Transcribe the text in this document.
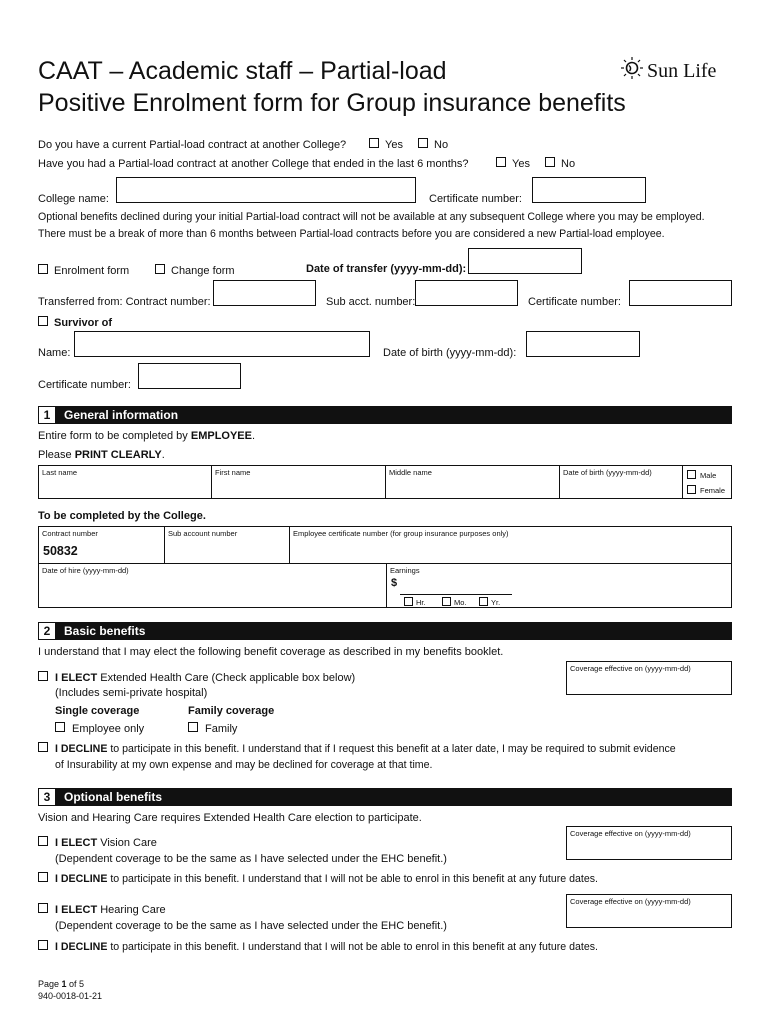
CAAT – Academic staff – Partial-load
Positive Enrolment form for Group insurance benefits
Sun Life
Do you have a current Partial-load contract at another College?	Yes	No
Have you had a Partial-load contract at another College that ended in the last 6 months?	Yes	No
College name:	Certificate number:
Optional benefits declined during your initial Partial-load contract will not be available at any subsequent College where you may be employed.
There must be a break of more than 6 months between Partial-load contracts before you are considered a new Partial-load employee.
Enrolment form	Change form	Date of transfer (yyyy-mm-dd):
Transferred from: Contract number:	Sub acct. number:	Certificate number:
Survivor of
Name:	Date of birth (yyyy-mm-dd):
Certificate number:
1	General information
Entire form to be completed by EMPLOYEE.
Please PRINT CLEARLY.
Last name	First name	Middle name	Date of birth (yyyy-mm-dd)	Male
Female
To be completed by the College.
Contract number
50832
Sub account number	Employee certificate number (for group insurance purposes only)
Date of hire (yyyy-mm-dd)	Earnings
$
Hr.	Mo.	Yr.
2	Basic benefits
I understand that I may elect the following benefit coverage as described in my benefits booklet.
I ELECT Extended Health Care (Check applicable box below)
(Includes semi-private hospital)
Single coverage	Family coverage
Employee only	Family
I DECLINE to participate in this benefit. I understand that if I request this benefit at a later date, I may be required to submit evidence
of Insurability at my own expense and may be declined for coverage at that time.
Coverage effective on (yyyy-mm-dd)
3	Optional benefits
Vision and Hearing Care requires Extended Health Care election to participate.
I ELECT Vision Care
(Dependent coverage to be the same as I have selected under the EHC benefit.)
Coverage effective on (yyyy-mm-dd)
I DECLINE to participate in this benefit. I understand that I will not be able to enrol in this benefit at any future dates.
I ELECT Hearing Care
(Dependent coverage to be the same as I have selected under the EHC benefit.)
Coverage effective on (yyyy-mm-dd)
I DECLINE to participate in this benefit. I understand that I will not be able to enrol in this benefit at any future dates.
Page 1 of 5
940-0018-01-21
